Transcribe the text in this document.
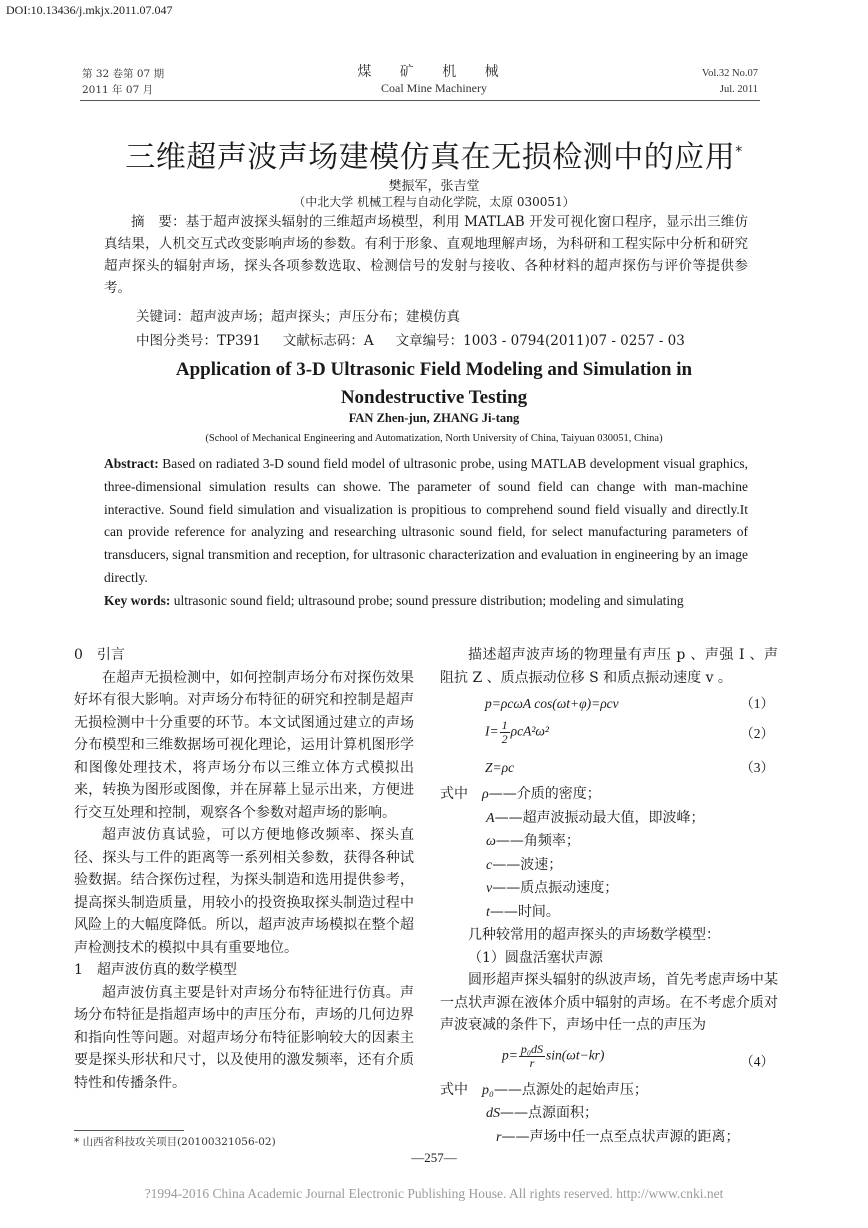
DOI:10.13436/j.mkjx.2011.07.047
第 32 卷第 07 期
2011 年 07 月
煤 矿 机 械
Coal Mine Machinery
Vol.32 No.07
Jul. 2011
三维超声波声场建模仿真在无损检测中的应用*
樊振军，张吉堂
（中北大学 机械工程与自动化学院，太原 030051）
摘　要：基于超声波探头辐射的三维超声场模型，利用 MATLAB 开发可视化窗口程序，显示出三维仿真结果，人机交互式改变影响声场的参数。有利于形象、直观地理解声场，为科研和工程实际中分析和研究超声探头的辐射声场，探头各项参数选取、检测信号的发射与接收、各种材料的超声探伤与评价等提供参考。
关键词：超声波声场；超声探头；声压分布；建模仿真
中图分类号：TP391 文献标志码：A 文章编号：1003 - 0794(2011)07 - 0257 - 03
Application of 3-D Ultrasonic Field Modeling and Simulation in
Nondestructive Testing
FAN Zhen-jun, ZHANG Ji-tang
(School of Mechanical Engineering and Automatization, North University of China, Taiyuan 030051, China)
Abstract: Based on radiated 3-D sound field model of ultrasonic probe, using MATLAB development visual graphics, three-dimensional simulation results can showe. The parameter of sound field can change with man-machine interactive. Sound field simulation and visualization is propitious to comprehend sound field visually and directly.It can provide reference for analyzing and researching ultrasonic sound field, for select manufacturing parameters of transducers, signal transmition and reception, for ultrasonic characterization and evaluation in engineering by an image directly.
Key words: ultrasonic sound field; ultrasound probe; sound pressure distribution; modeling and simulating

0　引言

在超声无损检测中，如何控制声场分布对探伤效果好坏有很大影响。对声场分布特征的研究和控制是超声无损检测中十分重要的环节。本文试图通过建立的声场分布模型和三维数据场可视化理论，运用计算机图形学和图像处理技术，将声场分布以三维立体方式模拟出来，转换为图形或图像，并在屏幕上显示出来，方便进行交互处理和控制，观察各个参数对超声场的影响。

超声波仿真试验，可以方便地修改频率、探头直径、探头与工件的距离等一系列相关参数，获得各种试验数据。结合探伤过程，为探头制造和选用提供参考，提高探头制造质量，用较小的投资换取探头制造过程中风险上的大幅度降低。所以，超声波声场模拟在整个超声检测技术的模拟中具有重要地位。

1　超声波仿真的数学模型

超声波仿真主要是针对声场分布特征进行仿真。声场分布特征是指超声场中的声压分布，声场的几何边界和指向性等问题。对超声场分布特征影响较大的因素主要是探头形状和尺寸，以及使用的激发频率，还有介质特性和传播条件。

描述超声波声场的物理量有声压 p 、声强 I 、声阻抗 Z 、质点振动位移 S 和质点振动速度 v 。

p=ρcωA cos(ωt+φ)=ρcv	（1）
$I= \frac{1}{2} \rho cA^2\omega^2$	（2）
Z=ρc	（3）
式中　 ρ——介质的密度；
A——超声波振动最大值，即波峰；
ω——角频率；
c——波速；
v——质点振动速度；
t——时间。

几种较常用的超声探头的声场数学模型：

（1）圆盘活塞状声源

圆形超声探头辐射的纵波声场，首先考虑声场中某一点状声源在液体介质中辐射的声场。在不考虑介质对声波衰减的条件下，声场中任一点的声压为

$p= \frac{\text{p₀dS}}{r} \sin(\omega t-kr)$	（4）
式中　 p₀——点源处的起始声压；
dS——点源面积；
r——声场中任一点至点状声源的距离；
* 山西省科技攻关项目(20100321056-02)
—257—
?1994-2016 China Academic Journal Electronic Publishing House. All rights reserved. http://www.cnki.net
